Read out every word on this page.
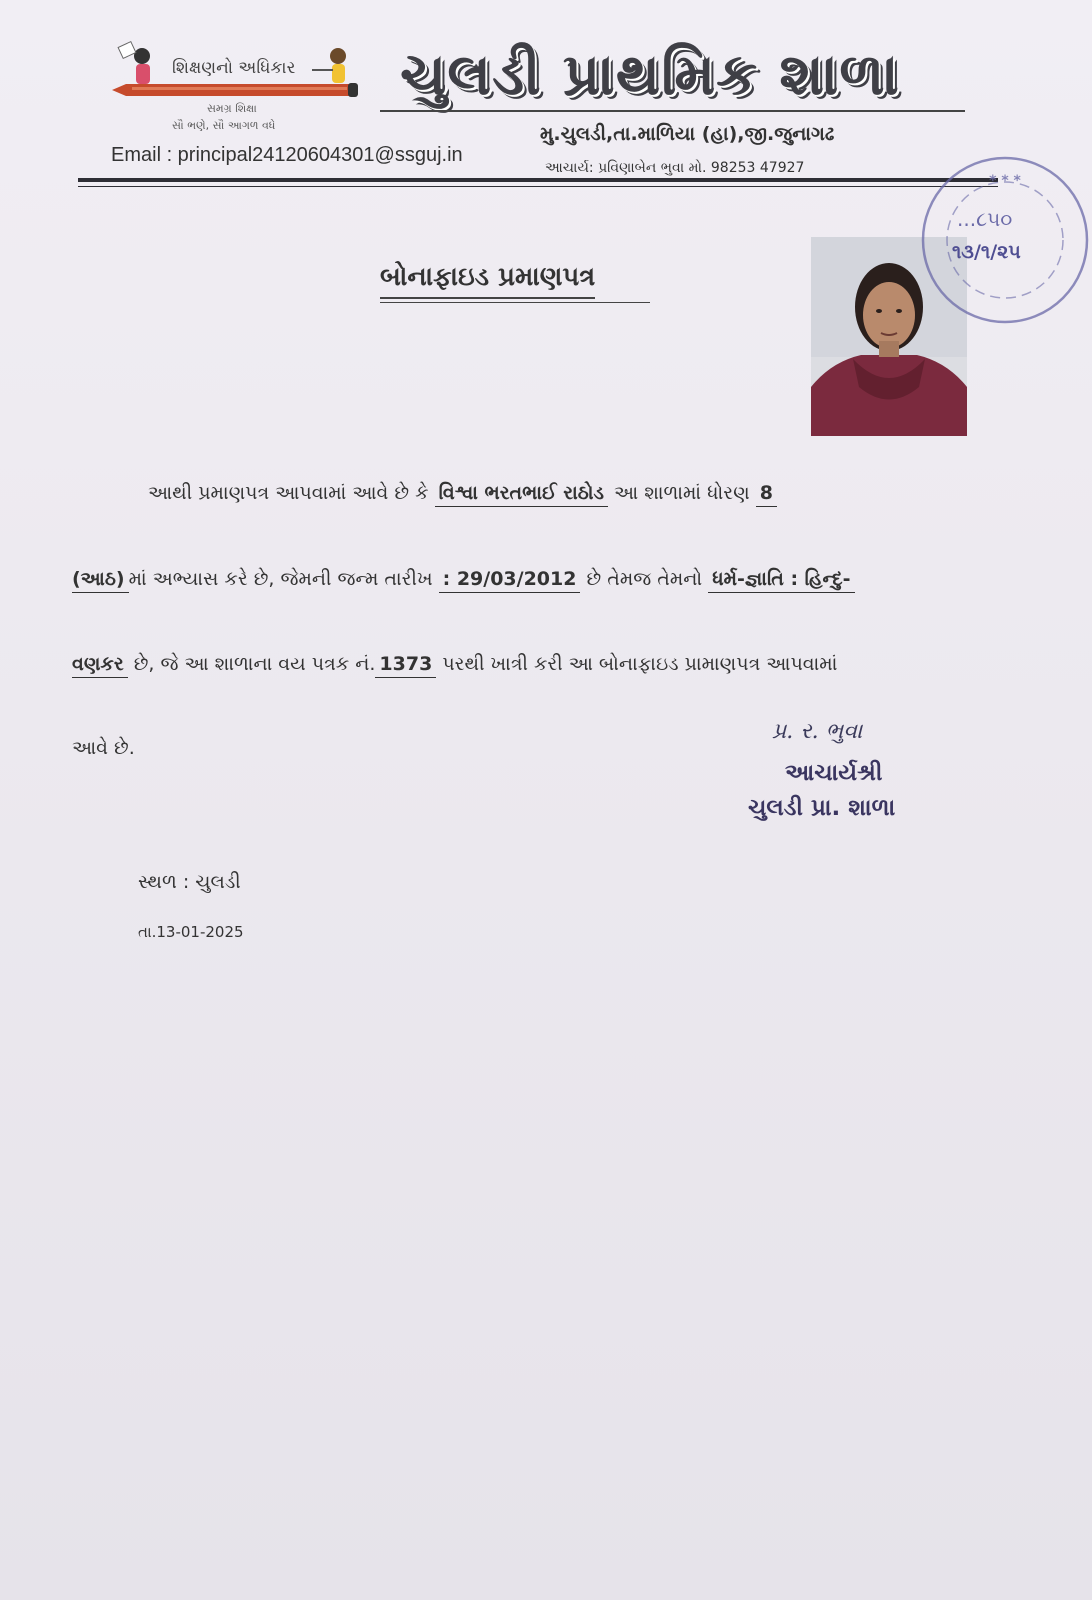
શિક્ષણનો અધિકાર
સમગ્ર શિક્ષા
સૌ ભણે, સૌ આગળ વધે
Email : principal24120604301@ssguj.in
ચુલડી પ્રાથમિક શાળા
મુ.ચુલડી,તા.માળિયા (હા),જી.જુનાગઢ
આચાર્ય: પ્રવિણાબેન ભુવા મો. 98253 47927
બોનાફાઇડ પ્રમાણપત્ર
* * *
...૮૫૦
૧૩/૧/૨૫
આથી પ્રમાણપત્ર આપવામાં આવે છે કે વિશ્વા ભરતભાઈ રાઠોડ આ શાળામાં ધોરણ 8
(આઠ) માં અભ્યાસ કરે છે, જેમની જન્મ તારીખ : 29/03/2012 છે તેમજ તેમનો ધર્મ-જ્ઞાતિ : હિન્દુ-
વણકર છે, જે આ શાળાના વય પત્રક નં. 1373 પરથી ખાત્રી કરી આ બોનાફાઇડ પ્રામાણપત્ર આપવામાં
આવે છે.
પ્ર. ર. ભુવા
આચાર્યશ્રી
ચુલડી પ્રા. શાળા
સ્થળ : ચુલડી
તા.13-01-2025
